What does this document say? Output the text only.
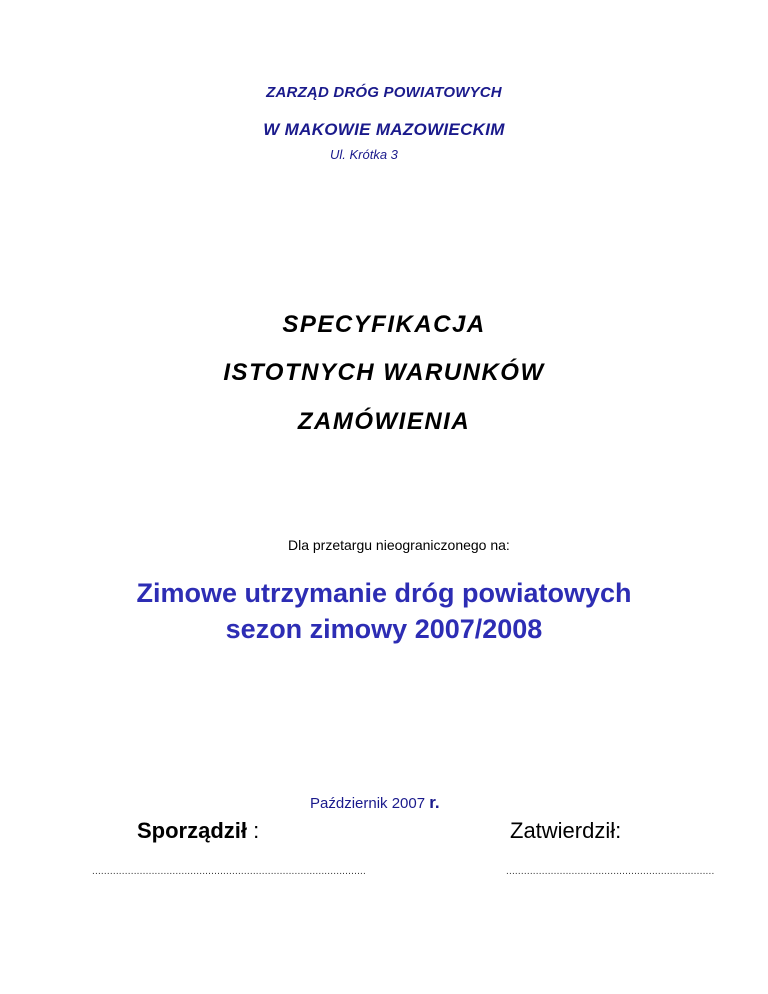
ZARZĄD DRÓG POWIATOWYCH
W MAKOWIE MAZOWIECKIM
Ul. Krótka 3
SPECYFIKACJA
ISTOTNYCH WARUNKÓW
ZAMÓWIENIA
Dla przetargu nieograniczonego na:
Zimowe utrzymanie dróg powiatowych
sezon zimowy 2007/2008
Październik 2007 r.
Sporządził :	Zatwierdził:
............................................................................................	......................................................................
